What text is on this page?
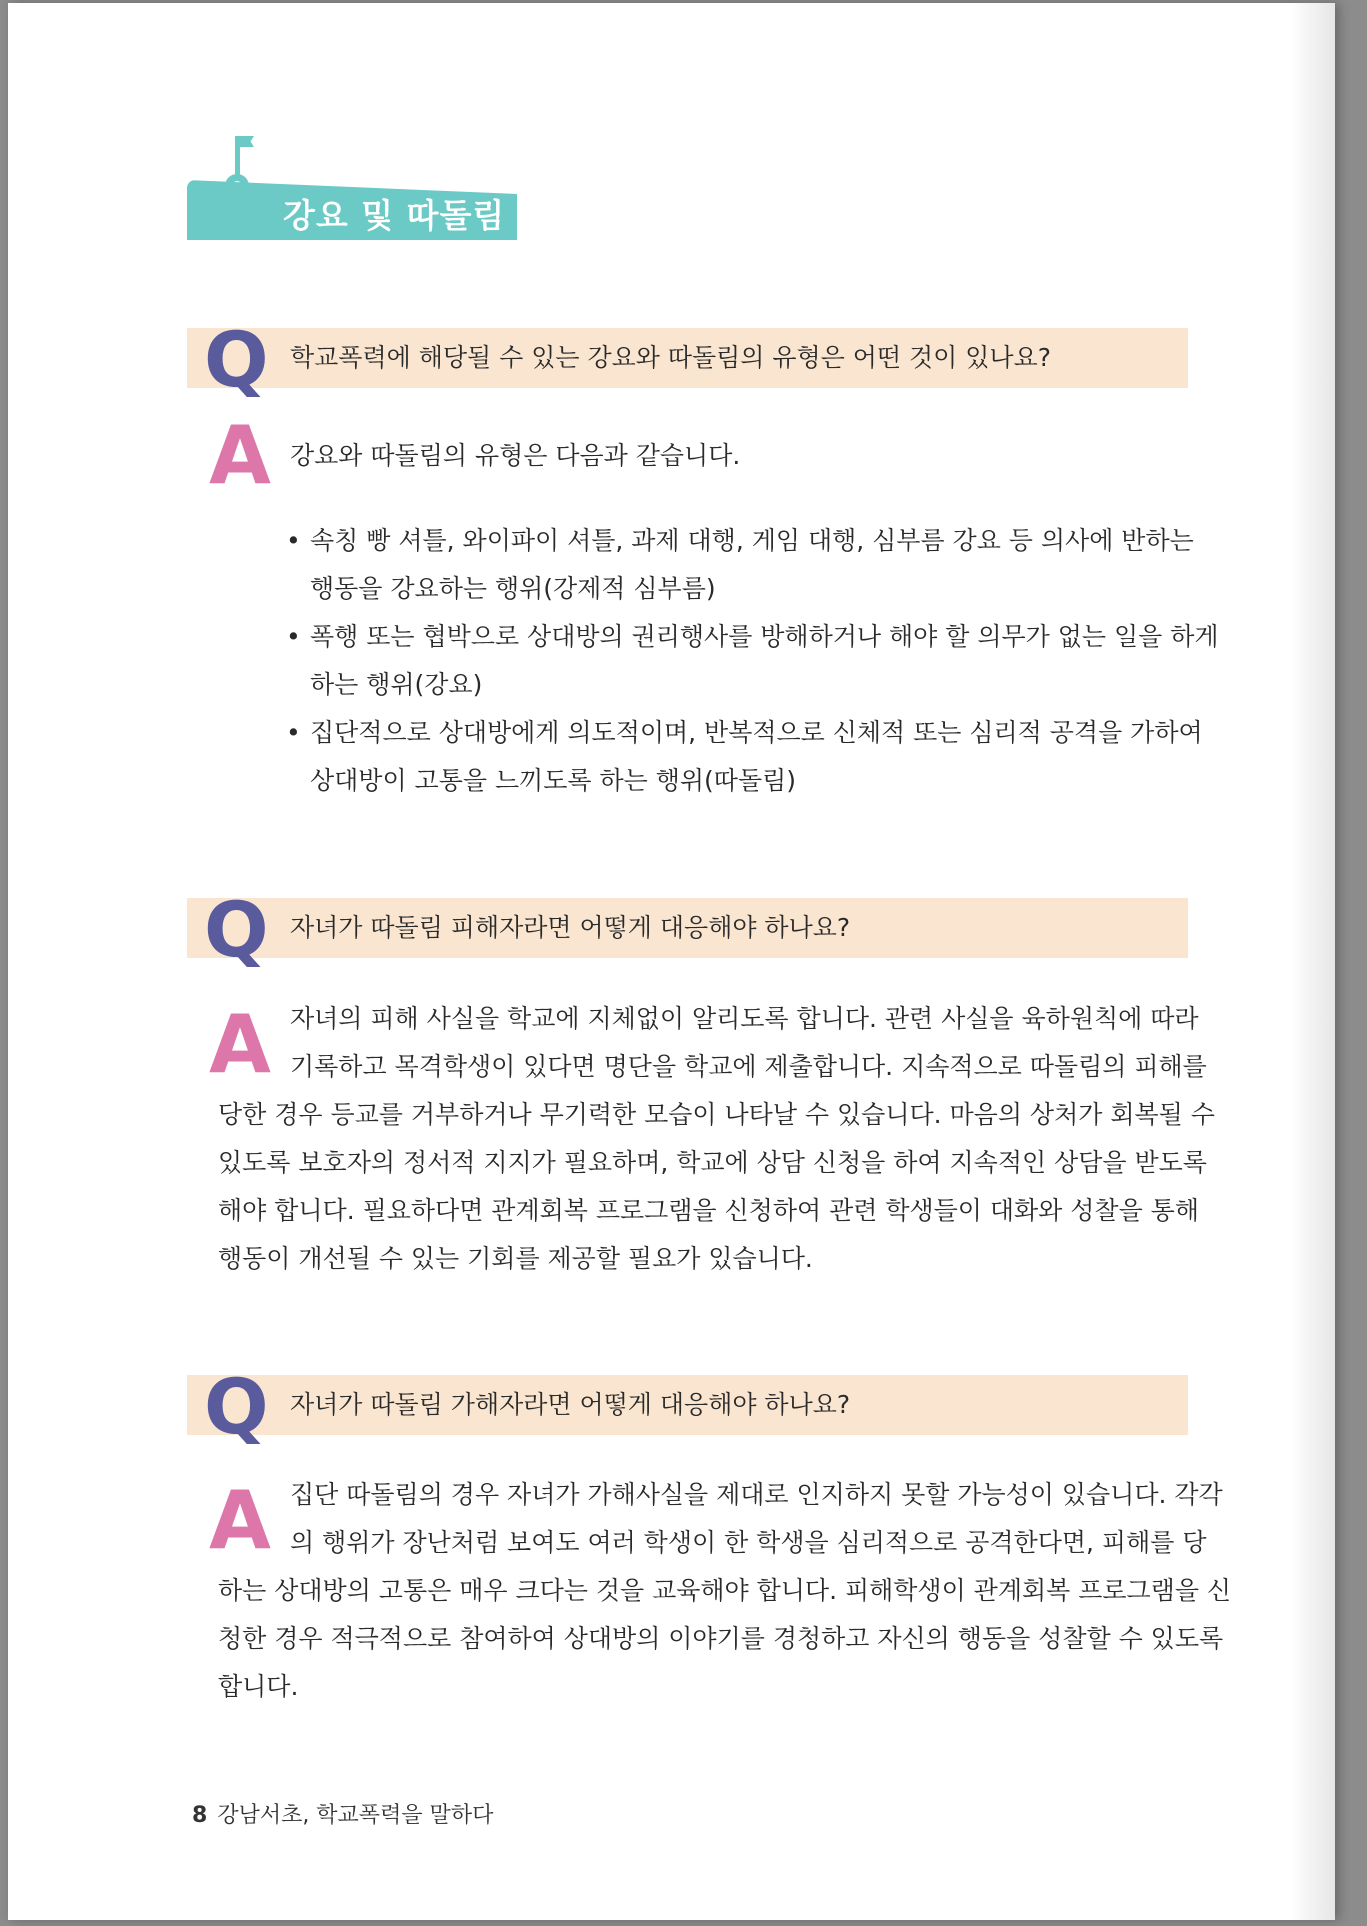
강요 및 따돌림
Q 학교폭력에 해당될 수 있는 강요와 따돌림의 유형은 어떤 것이 있나요?
A 강요와 따돌림의 유형은 다음과 같습니다.
• 속칭 빵 셔틀, 와이파이 셔틀, 과제 대행, 게임 대행, 심부름 강요 등 의사에 반하는
행동을 강요하는 행위(강제적 심부름)
• 폭행 또는 협박으로 상대방의 권리행사를 방해하거나 해야 할 의무가 없는 일을 하게
하는 행위(강요)
• 집단적으로 상대방에게 의도적이며, 반복적으로 신체적 또는 심리적 공격을 가하여
상대방이 고통을 느끼도록 하는 행위(따돌림)
Q 자녀가 따돌림 피해자라면 어떻게 대응해야 하나요?
A 자녀의 피해 사실을 학교에 지체없이 알리도록 합니다. 관련 사실을 육하원칙에 따라
기록하고 목격학생이 있다면 명단을 학교에 제출합니다. 지속적으로 따돌림의 피해를
당한 경우 등교를 거부하거나 무기력한 모습이 나타날 수 있습니다. 마음의 상처가 회복될 수
있도록 보호자의 정서적 지지가 필요하며, 학교에 상담 신청을 하여 지속적인 상담을 받도록
해야 합니다. 필요하다면 관계회복 프로그램을 신청하여 관련 학생들이 대화와 성찰을 통해
행동이 개선될 수 있는 기회를 제공할 필요가 있습니다.
Q 자녀가 따돌림 가해자라면 어떻게 대응해야 하나요?
A 집단 따돌림의 경우 자녀가 가해사실을 제대로 인지하지 못할 가능성이 있습니다. 각각
의 행위가 장난처럼 보여도 여러 학생이 한 학생을 심리적으로 공격한다면, 피해를 당
하는 상대방의 고통은 매우 크다는 것을 교육해야 합니다. 피해학생이 관계회복 프로그램을 신
청한 경우 적극적으로 참여하여 상대방의 이야기를 경청하고 자신의 행동을 성찰할 수 있도록
합니다.
8 강남서초, 학교폭력을 말하다
